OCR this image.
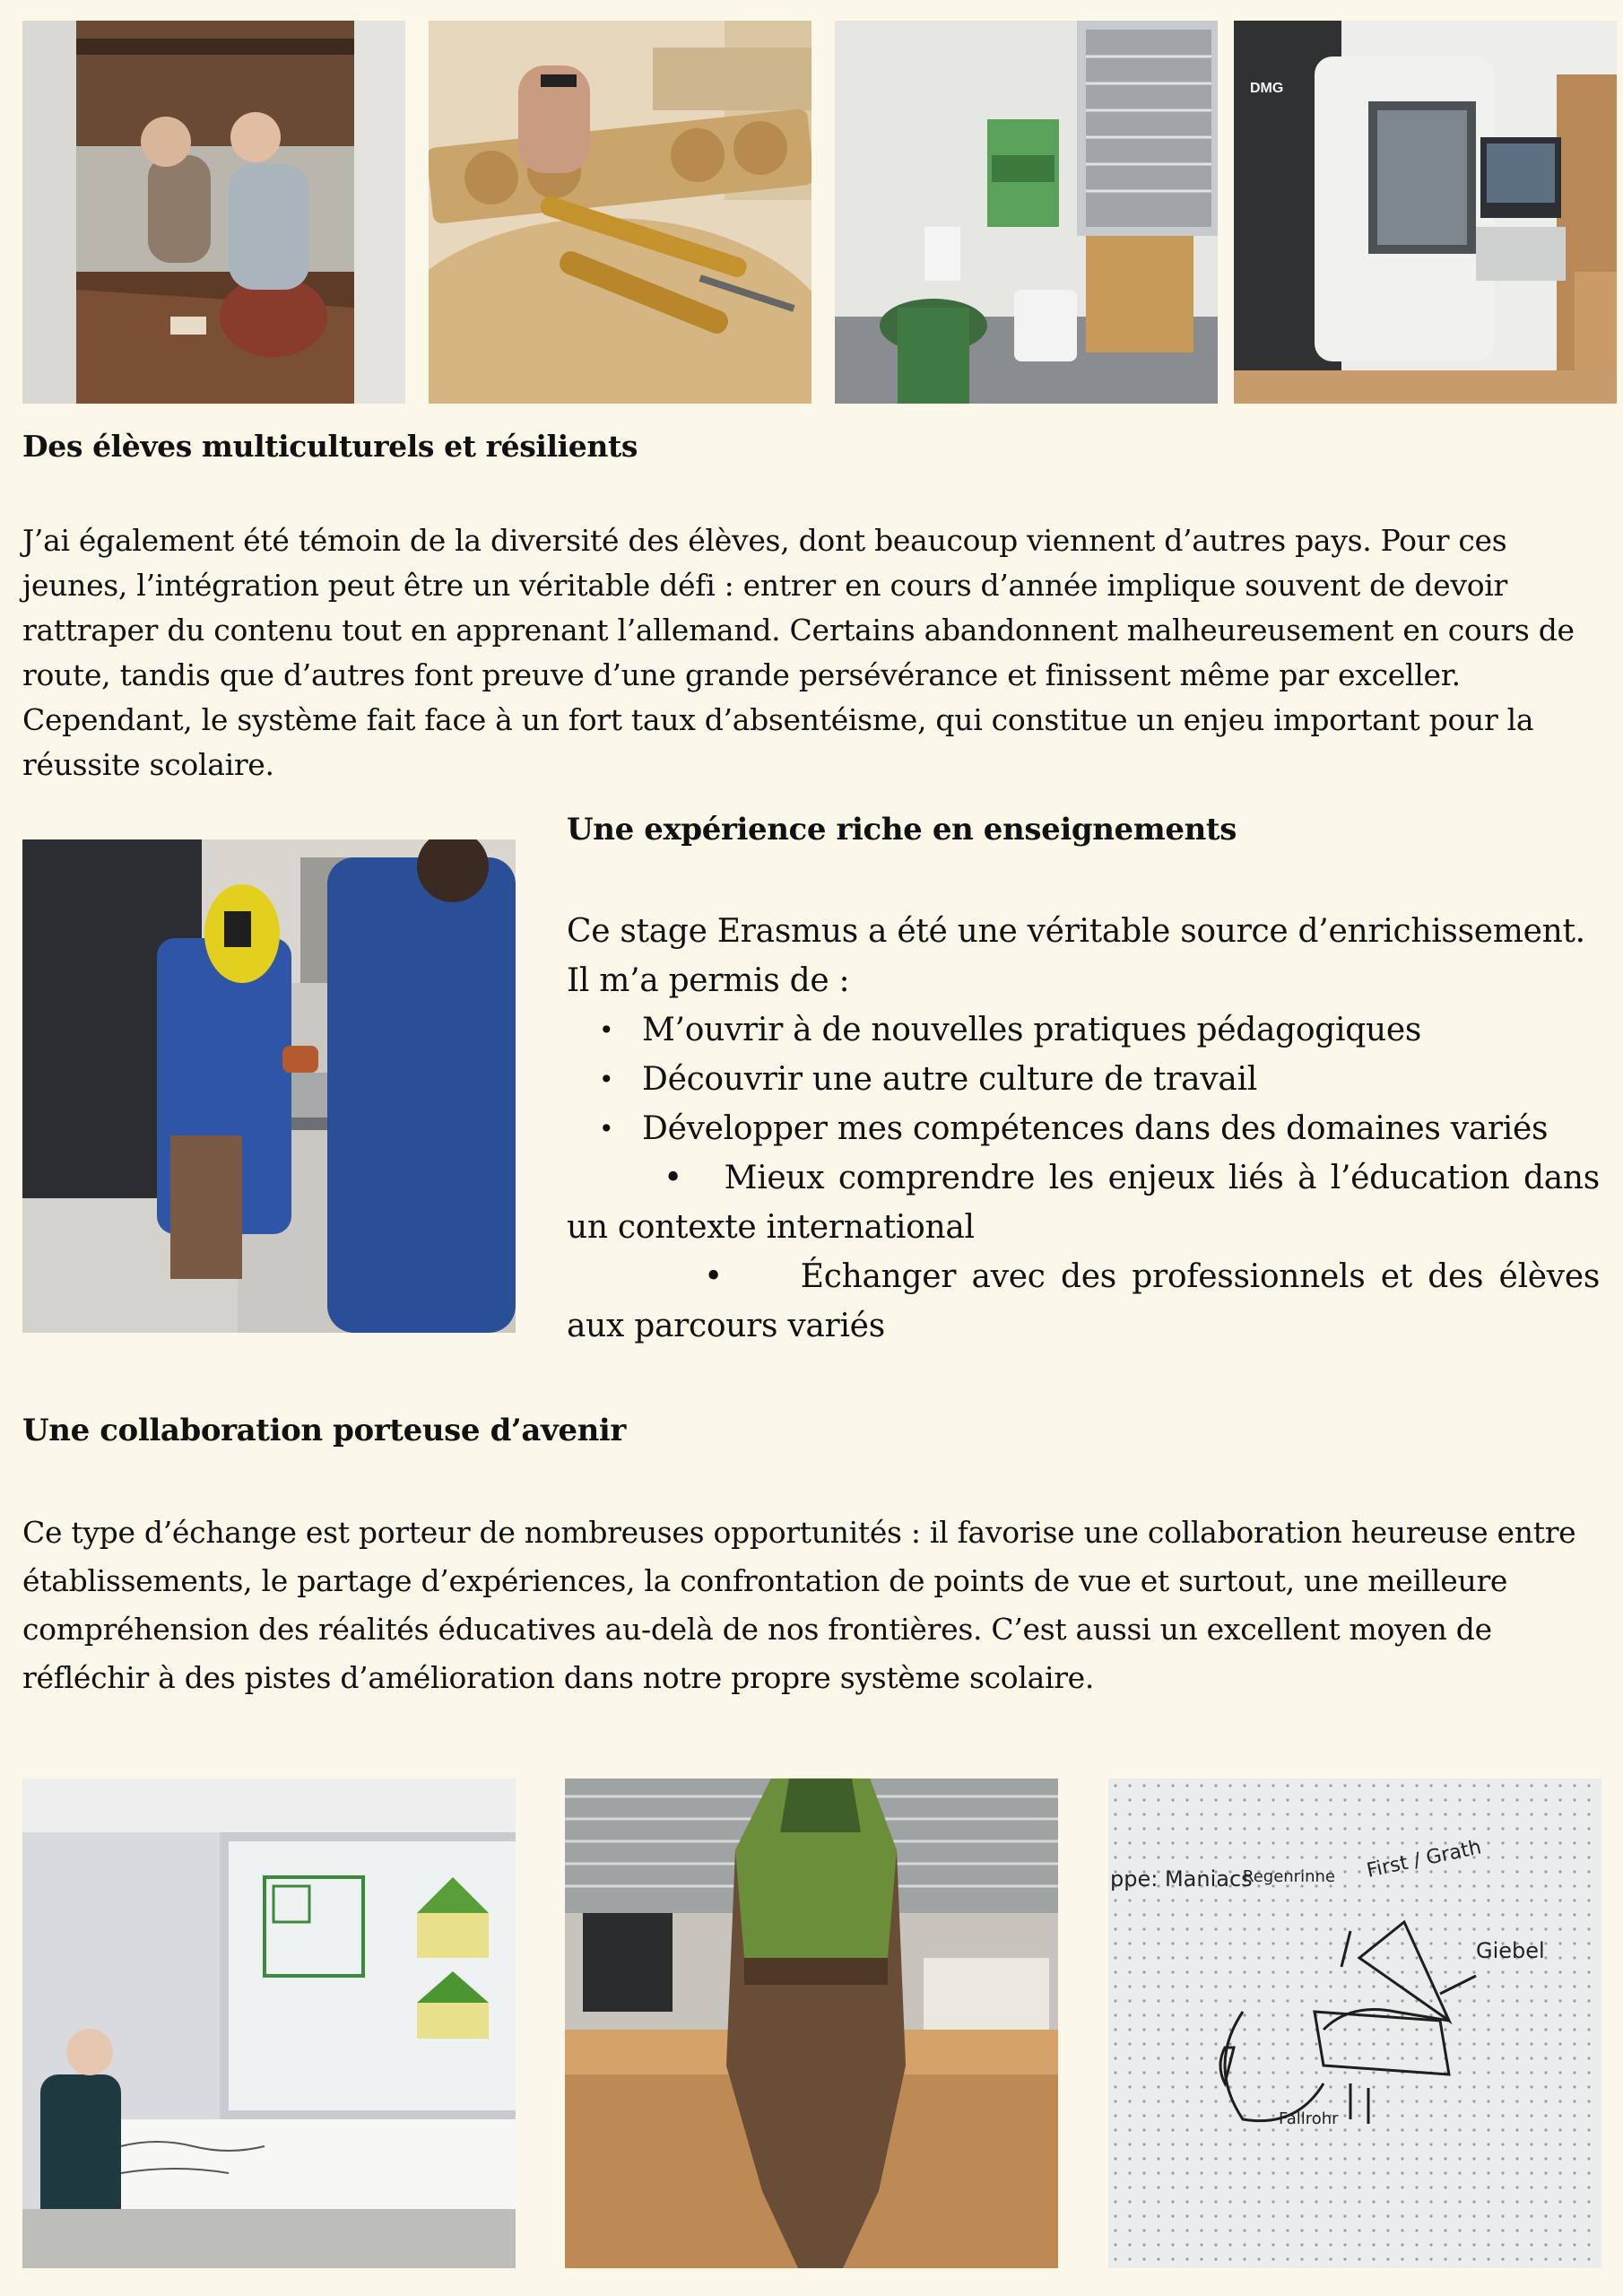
DMG
Des élèves multiculturels et résilients

J’ai également été témoin de la diversité des élèves, dont beaucoup viennent d’autres pays. Pour ces jeunes, l’intégration peut être un véritable défi : entrer en cours d’année implique souvent de devoir rattraper du contenu tout en apprenant l’allemand. Certains abandonnent malheureusement en cours de route, tandis que d’autres font preuve d’une grande persévérance et finissent même par exceller. Cependant, le système fait face à un fort taux d’absentéisme, qui constitue un enjeu important pour la réussite scolaire.

Une expérience riche en enseignements

Ce stage Erasmus a été une véritable source d’enrichissement.

Il m’a permis de :

• M’ouvrir à de nouvelles pratiques pédagogiques
• Découvrir une autre culture de travail
• Développer mes compétences dans des domaines variés
• Mieux comprendre les enjeux liés à l’éducation dans un contexte international
• Échanger avec des professionnels et des élèves aux parcours variés
Une collaboration porteuse d’avenir

Ce type d’échange est porteur de nombreuses opportunités : il favorise une collaboration heureuse entre établissements, le partage d’expériences, la confrontation de points de vue et surtout, une meilleure compréhension des réalités éducatives au-delà de nos frontières. C’est aussi un excellent moyen de réfléchir à des pistes d’amélioration dans notre propre système scolaire.

ppe: Maniacs
Regenrinne First / Grath
Giebel
Fallrohr
